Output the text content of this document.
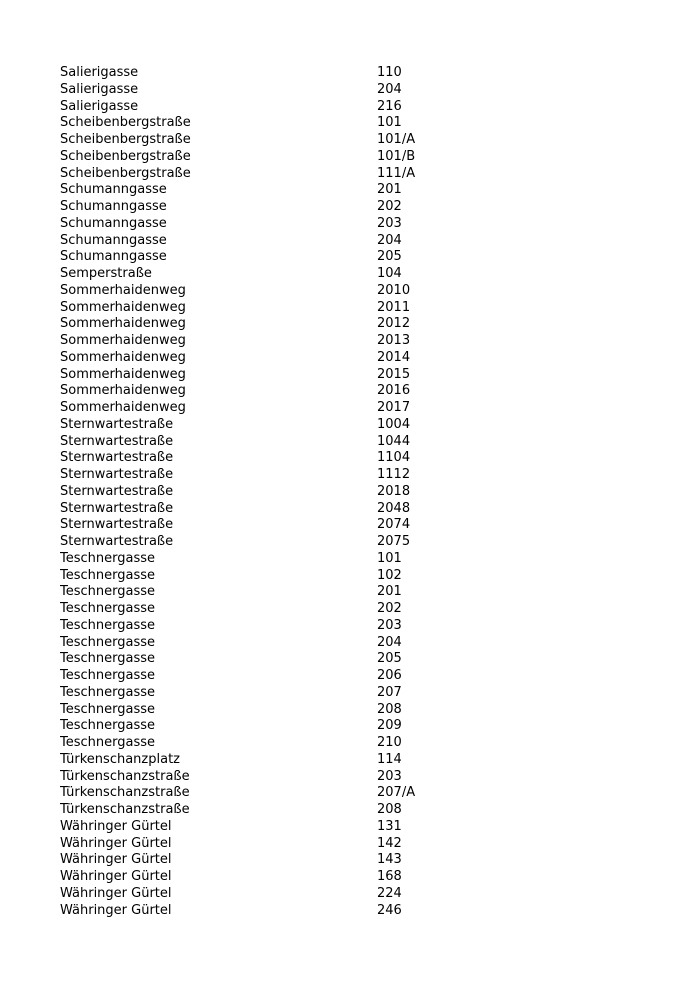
Salierigasse	110
Salierigasse	204
Salierigasse	216
Scheibenbergstraße	101
Scheibenbergstraße	101/A
Scheibenbergstraße	101/B
Scheibenbergstraße	111/A
Schumanngasse	201
Schumanngasse	202
Schumanngasse	203
Schumanngasse	204
Schumanngasse	205
Semperstraße	104
Sommerhaidenweg	2010
Sommerhaidenweg	2011
Sommerhaidenweg	2012
Sommerhaidenweg	2013
Sommerhaidenweg	2014
Sommerhaidenweg	2015
Sommerhaidenweg	2016
Sommerhaidenweg	2017
Sternwartestraße	1004
Sternwartestraße	1044
Sternwartestraße	1104
Sternwartestraße	1112
Sternwartestraße	2018
Sternwartestraße	2048
Sternwartestraße	2074
Sternwartestraße	2075
Teschnergasse	101
Teschnergasse	102
Teschnergasse	201
Teschnergasse	202
Teschnergasse	203
Teschnergasse	204
Teschnergasse	205
Teschnergasse	206
Teschnergasse	207
Teschnergasse	208
Teschnergasse	209
Teschnergasse	210
Türkenschanzplatz	114
Türkenschanzstraße	203
Türkenschanzstraße	207/A
Türkenschanzstraße	208
Währinger Gürtel	131
Währinger Gürtel	142
Währinger Gürtel	143
Währinger Gürtel	168
Währinger Gürtel	224
Währinger Gürtel	246
